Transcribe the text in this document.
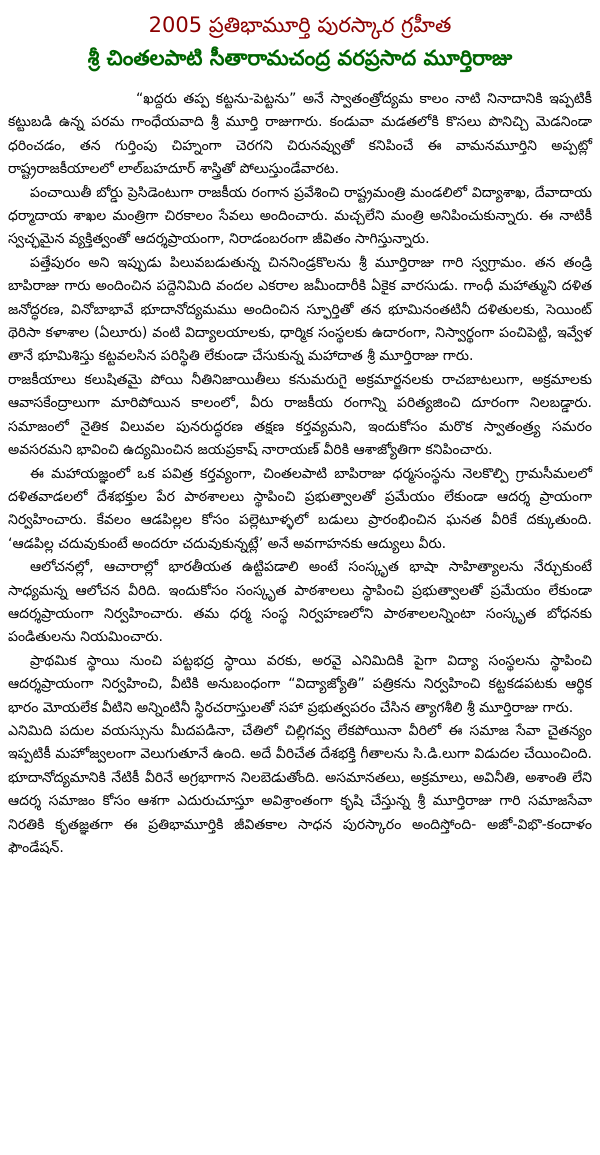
2005 ప్రతిభామూర్తి పురస్కార గ్రహీత
శ్రీ చింతలపాటి సీతారామచంద్ర వరప్రసాద మూర్తిరాజు

“ఖద్దరు తప్ప కట్టను-పెట్టను” అనే స్వాతంత్రోద్యమ కాలం నాటి నినాదానికి ఇప్పటికీ కట్టుబడి ఉన్న పరమ గాంధేయవాది శ్రీ మూర్తి రాజుగారు. కండువా మడతలోకి కొసలు పొనిచ్చి మెడనిండా ధరించడం, తన గుర్తింపు చిహ్నంగా చెరగని చిరునవ్వుతో కనిపించే ఈ వామనమూర్తిని అప్పట్లో రాష్ట్రరాజకీయాలలో లాల్‌బహదూర్ శాస్త్రితో పోలుస్తుండేవారట.

పంచాయితీ బోర్డు ప్రెసిడెంటుగా రాజకీయ రంగాన ప్రవేశించి రాష్ట్రమంత్రి మండలిలో విద్యాశాఖ, దేవాదాయ ధర్మాదాయ శాఖల మంత్రిగా చిరకాలం సేవలు అందించారు. మచ్చలేని మంత్రి అనిపించుకున్నారు. ఈ నాటికీ స్వచ్ఛమైన వ్యక్తిత్వంతో ఆదర్శప్రాయంగా, నిరాడంబరంగా జీవితం సాగిస్తున్నారు.

పత్తేపురం అని ఇప్పుడు పిలువబడుతున్న చిననిండ్రకొలను శ్రీ మూర్తిరాజు గారి స్వగ్రామం. తన తండ్రి బాపిరాజు గారు అందించిన పద్దెనిమిది వందల ఎకరాల జమీందారీకి ఏకైక వారసుడు. గాంధీ మహాత్ముని దళిత జనోద్ధరణ, వినోబాభావే భూదానోద్యమము అందించిన స్ఫూర్తితో తన భూమినంతటినీ దళితులకు, సెయింట్ థెరిసా కళాశాల (ఏలూరు) వంటి విద్యాలయాలకు, ధార్మిక సంస్థలకు ఉదారంగా, నిస్వార్థంగా పంచిపెట్టి, ఇవ్వేళ తానే భూమిశిస్తు కట్టవలసిన పరిస్థితి లేకుండా చేసుకున్న మహాదాత శ్రీ మూర్తిరాజు గారు.

రాజకీయాలు కలుషితమై పోయి నీతినిజాయితీలు కనుమరుగై అక్రమార్జనలకు రాచబాటలుగా, అక్రమాలకు ఆవాసకేంద్రాలుగా మారిపోయిన కాలంలో, వీరు రాజకీయ రంగాన్ని పరిత్యజించి దూరంగా నిలబడ్డారు. సమాజంలో నైతిక విలువల పునరుద్ధరణ తక్షణ కర్తవ్యమని, ఇందుకోసం మరొక స్వాతంత్ర్య సమరం అవసరమని భావించి ఉద్యమించిన జయప్రకాష్ నారాయణ్ వీరికి ఆశాజ్యోతిగా కనిపించారు.

ఈ మహాయజ్ఞంలో ఒక పవిత్ర కర్తవ్యంగా, చింతలపాటి బాపిరాజు ధర్మసంస్థను నెలకొల్పి గ్రామసీమలలో దళితవాడలలో దేశభక్తుల పేర పాఠశాలలు స్థాపించి ప్రభుత్వాలతో ప్రమేయం లేకుండా ఆదర్శ ప్రాయంగా నిర్వహించారు. కేవలం ఆడపిల్లల కోసం పల్లెటూళ్ళలో బడులు ప్రారంభించిన ఘనత వీరికే దక్కుతుంది. ‘ఆడపిల్ల చదువుకుంటే అందరూ చదువుకున్నట్లే’ అనే అవగాహనకు ఆద్యులు వీరు.

ఆలోచనల్లో, ఆచారాల్లో భారతీయత ఉట్టిపడాలి అంటే సంస్కృత భాషా సాహిత్యాలను నేర్చుకుంటే సాధ్యమన్న ఆలోచన వీరిది. ఇందుకోసం సంస్కృత పాఠశాలలు స్థాపించి ప్రభుత్వాలతో ప్రమేయం లేకుండా ఆదర్శప్రాయంగా నిర్వహించారు. తమ ధర్మ సంస్థ నిర్వహణలోని పాఠశాలలన్నింటా సంస్కృత బోధనకు పండితులను నియమించారు.

ప్రాథమిక స్థాయి నుంచి పట్టభద్ర స్థాయి వరకు, అరవై ఎనిమిదికి పైగా విద్యా సంస్థలను స్థాపించి ఆదర్శప్రాయంగా నిర్వహించి, వీటికి అనుబంధంగా “విద్యాజ్యోతి” పత్రికను నిర్వహించి కట్టకడపటకు ఆర్థిక భారం మోయలేక వీటిని అన్నింటినీ స్థిరచరాస్తులతో సహా ప్రభుత్వపరం చేసిన త్యాగశీలి శ్రీ మూర్తిరాజు గారు.

ఎనిమిది పదుల వయస్సును మీదపడినా, చేతిలో చిల్లిగవ్వ లేకపోయినా వీరిలో ఈ సమాజ సేవా చైతన్యం ఇప్పటికీ మహోజ్వలంగా వెలుగుతూనే ఉంది. అదే వీరిచేత దేశభక్తి గీతాలను సి.డి.లుగా విడుదల చేయించింది. భూదానోద్యమానికి నేటికీ వీరినే అగ్రభాగాన నిలబెడుతోంది. అసమానతలు, అక్రమాలు, అవినీతి, అశాంతి లేని ఆదర్శ సమాజం కోసం ఆశగా ఎదురుచూస్తూ అవిశ్రాంతంగా కృషి చేస్తున్న శ్రీ మూర్తిరాజు గారి సమాజసేవా నిరతికి కృతజ్ఞతగా ఈ ప్రతిభామూర్తికి జీవితకాల సాధన పురస్కారం అందిస్తోంది- అజో-విభొ-కందాళం ఫౌండేషన్.
